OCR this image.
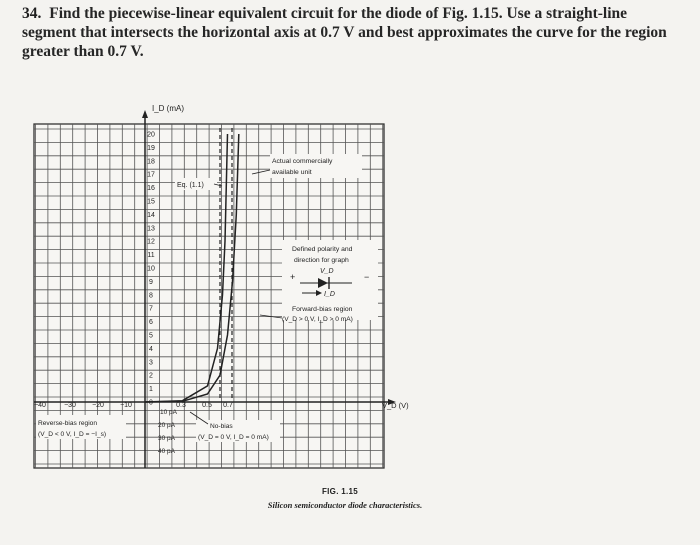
34. Find the piecewise-linear equivalent circuit for the diode of Fig. 1.15. Use a straight-line segment that intersects the horizontal axis at 0.7 V and best approximates the curve for the region greater than 0.7 V.
I_D (mA)
20
19
18
17
16
15
14
13
12
11
10
9
8
7
6
5
4
3
2
1
0
−40	−30 −20 −10	0.3 0.5 0.7	V_D (V)
10 pA
20 pA
30 pA
40 pA
Eq. (1.1)
Actual commercially
available unit
Defined polarity and
direction for graph
V_D
+	−
I_D
Forward-bias region
(V_D > 0 V, I_D > 0 mA)
Reverse-bias region
(V_D < 0 V, I_D = −I_s)
No-bias
(V_D = 0 V, I_D = 0 mA)
FIG. 1.15
Silicon semiconductor diode characteristics.
